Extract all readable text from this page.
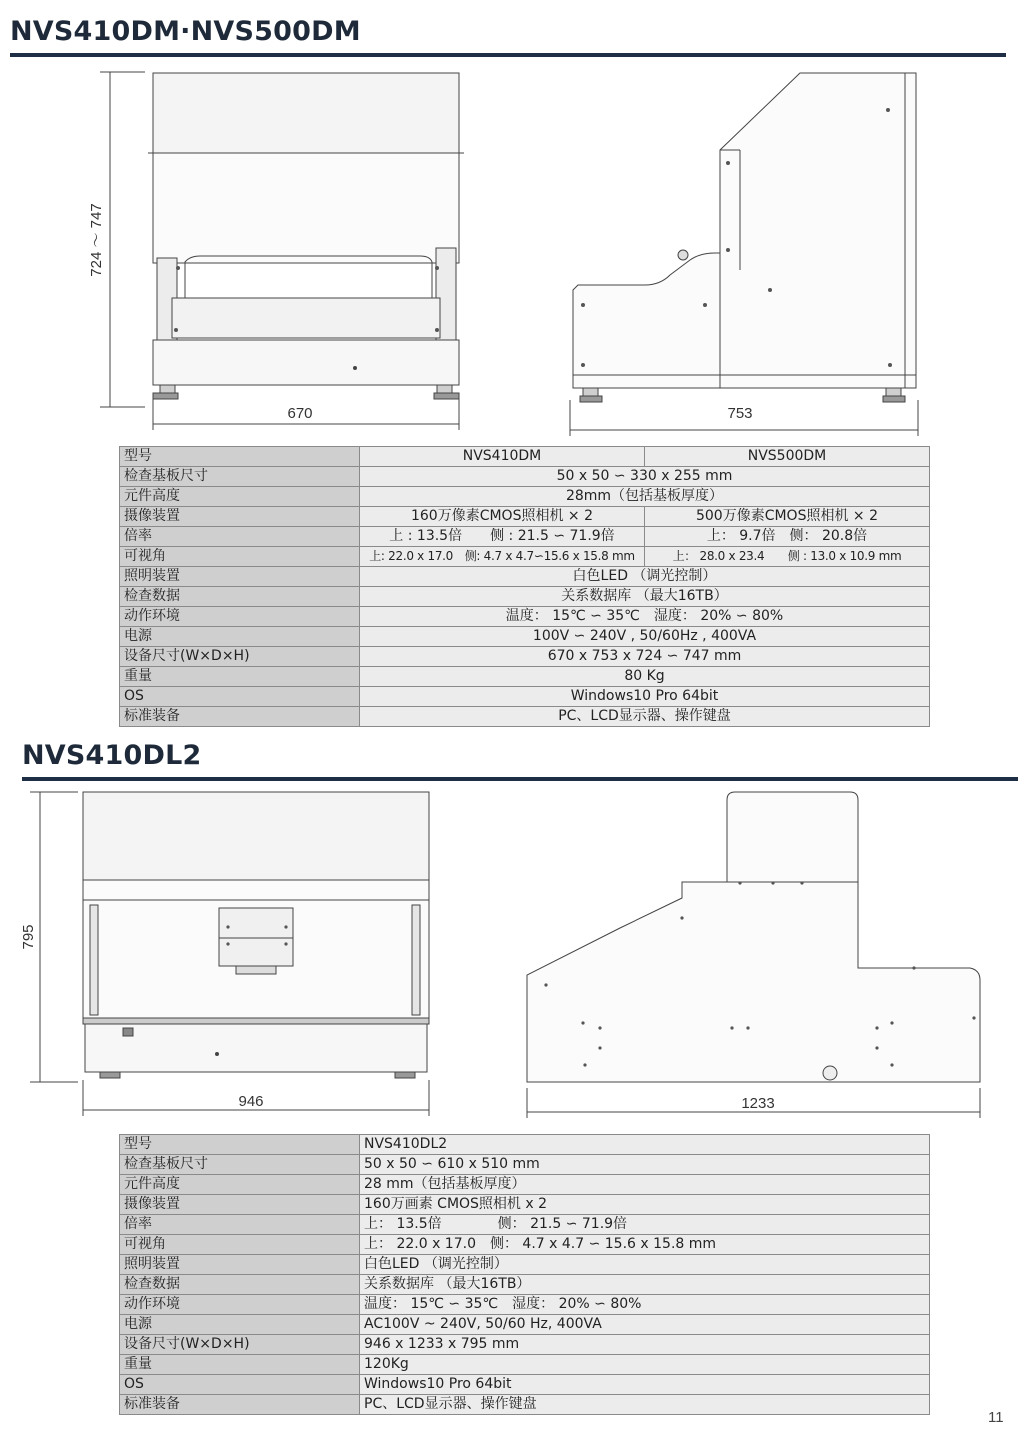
NVS410DM·NVS500DM
724 ～ 747
670	753
型号	NVS410DM	NVS500DM
检查基板尺寸	50 x 50 ∽ 330 x 255 mm	
元件高度	28mm（包括基板厚度）	
摄像装置	160万像素CMOS照相机 × 2	500万像素CMOS照相机 × 2
倍率	上 : 13.5倍　　侧 : 21.5 ∽ 71.9倍	上： 9.7倍　侧： 20.8倍
可视角	上: 22.0 x 17.0　侧: 4.7 x 4.7∽15.6 x 15.8 mm	上： 28.0 x 23.4　　侧 : 13.0 x 10.9 mm
照明装置	白色LED （调光控制）	
检查数据	关系数据库 （最大16TB）	
动作环境	温度： 15℃ ∽ 35℃　湿度： 20% ∽ 80%	
电源	100V ∽ 240V , 50/60Hz , 400VA	
设备尺寸(W×D×H)	670 x 753 x 724 ∽ 747 mm	
重量	80 Kg	
OS	Windows10 Pro 64bit	
标准装备	PC、LCD显示器、操作键盘	
NVS410DL2
795
946	1233
型号	NVS410DL2
检查基板尺寸	50 x 50 ∽ 610 x 510 mm
元件高度	28 mm（包括基板厚度）
摄像装置	160万画素 CMOS照相机 x 2
倍率	上： 13.5倍　　　　侧： 21.5 ∽ 71.9倍
可视角	上： 22.0 x 17.0　侧： 4.7 x 4.7 ∽ 15.6 x 15.8 mm
照明装置	白色LED （调光控制）
检查数据	关系数据库 （最大16TB）
动作环境	温度： 15℃ ∽ 35℃　湿度： 20% ∽ 80%
电源	AC100V ~ 240V, 50/60 Hz, 400VA
设备尺寸(W×D×H)	946 x 1233 x 795 mm
重量	120Kg
OS	Windows10 Pro 64bit
标准装备	PC、LCD显示器、操作键盘
11
